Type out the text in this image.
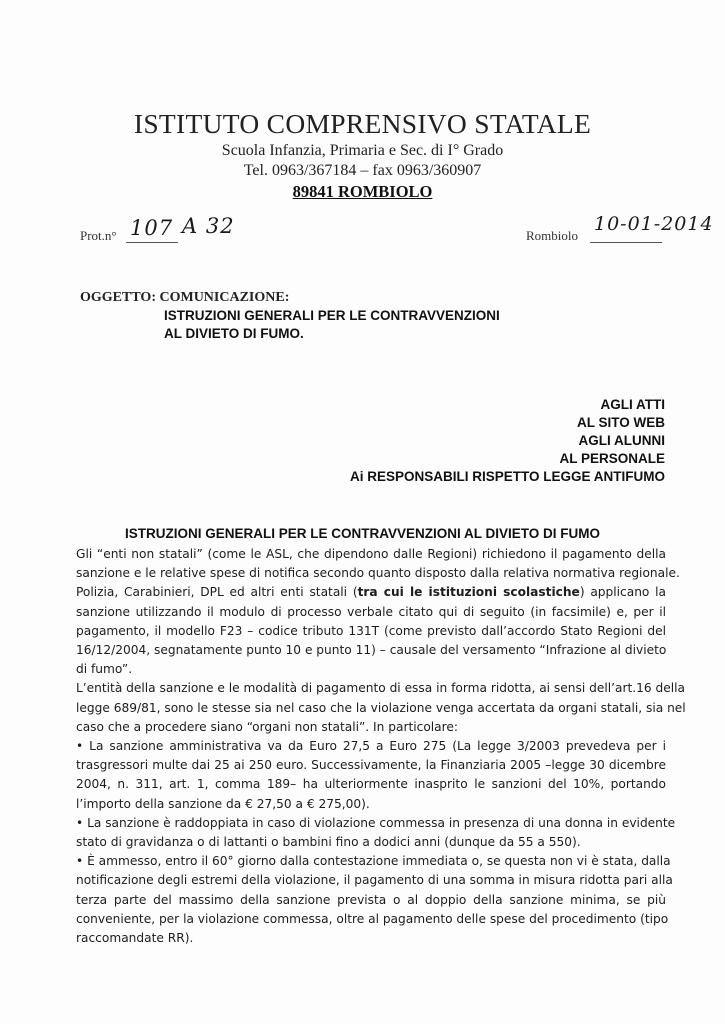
ISTITUTO COMPRENSIVO STATALE
Scuola Infanzia, Primaria e Sec. di I° Grado
Tel. 0963/367184 – fax 0963/360907
89841 ROMBIOLO
Prot.n° 107 A 32	Rombiolo
10-01-2014
OGGETTO: COMUNICAZIONE:
ISTRUZIONI GENERALI PER LE CONTRAVVENZIONI
AL DIVIETO DI FUMO.
AGLI ATTI
AL SITO WEB
AGLI ALUNNI
AL PERSONALE
Ai RESPONSABILI RISPETTO LEGGE ANTIFUMO
ISTRUZIONI GENERALI PER LE CONTRAVVENZIONI AL DIVIETO DI FUMO

Gli “enti non statali” (come le ASL, che dipendono dalle Regioni) richiedono il pagamento della
sanzione e le relative spese di notifica secondo quanto disposto dalla relativa normativa regionale.
Polizia, Carabinieri, DPL ed altri enti statali (tra cui le istituzioni scolastiche) applicano la
sanzione utilizzando il modulo di processo verbale citato qui di seguito (in facsimile) e, per il
pagamento, il modello F23 – codice tributo 131T (come previsto dall’accordo Stato Regioni del
16/12/2004, segnatamente punto 10 e punto 11) – causale del versamento “Infrazione al divieto
di fumo”.

L’entità della sanzione e le modalità di pagamento di essa in forma ridotta, ai sensi dell’art.16 della
legge 689/81, sono le stesse sia nel caso che la violazione venga accertata da organi statali, sia nel
caso che a procedere siano “organi non statali”. In particolare:

• La sanzione amministrativa va da Euro 27,5 a Euro 275 (La legge 3/2003 prevedeva per i
trasgressori multe dai 25 ai 250 euro. Successivamente, la Finanziaria 2005 –legge 30 dicembre
2004, n. 311, art. 1, comma 189– ha ulteriormente inasprito le sanzioni del 10%, portando
l’importo della sanzione da € 27,50 a € 275,00).

• La sanzione è raddoppiata in caso di violazione commessa in presenza di una donna in evidente
stato di gravidanza o di lattanti o bambini fino a dodici anni (dunque da 55 a 550).

• È ammesso, entro il 60° giorno dalla contestazione immediata o, se questa non vi è stata, dalla
notificazione degli estremi della violazione, il pagamento di una somma in misura ridotta pari alla
terza parte del massimo della sanzione prevista o al doppio della sanzione minima, se più
conveniente, per la violazione commessa, oltre al pagamento delle spese del procedimento (tipo
raccomandate RR).
